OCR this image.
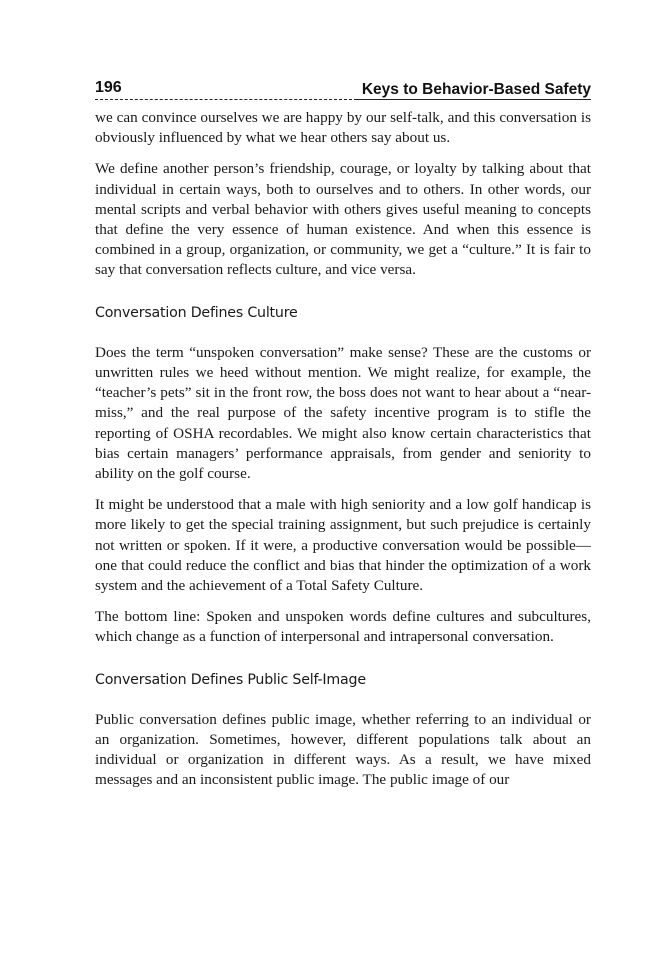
196	Keys to Behavior-Based Safety

we can convince ourselves we are happy by our self-talk, and this conversation is obviously influenced by what we hear others say about us.

We define another person’s friendship, courage, or loyalty by talking about that individual in certain ways, both to ourselves and to others. In other words, our mental scripts and verbal behavior with others gives useful meaning to concepts that define the very essence of human existence. And when this essence is combined in a group, organization, or community, we get a “culture.” It is fair to say that conversation reflects culture, and vice versa.

Conversation Defines Culture

Does the term “unspoken conversation” make sense? These are the customs or unwritten rules we heed without mention. We might realize, for example, the “teacher’s pets” sit in the front row, the boss does not want to hear about a “near-miss,” and the real purpose of the safety incentive program is to stifle the reporting of OSHA recordables. We might also know certain characteristics that bias certain managers’ performance appraisals, from gender and seniority to ability on the golf course.

It might be understood that a male with high seniority and a low golf handicap is more likely to get the special training assignment, but such prejudice is certainly not written or spoken. If it were, a productive conversation would be possible—one that could reduce the conflict and bias that hinder the optimization of a work system and the achievement of a Total Safety Culture.

The bottom line: Spoken and unspoken words define cultures and subcultures, which change as a function of interpersonal and intrapersonal conversation.

Conversation Defines Public Self-Image

Public conversation defines public image, whether referring to an individual or an organization. Sometimes, however, different populations talk about an individual or organization in different ways. As a result, we have mixed messages and an inconsistent public image. The public image of our
